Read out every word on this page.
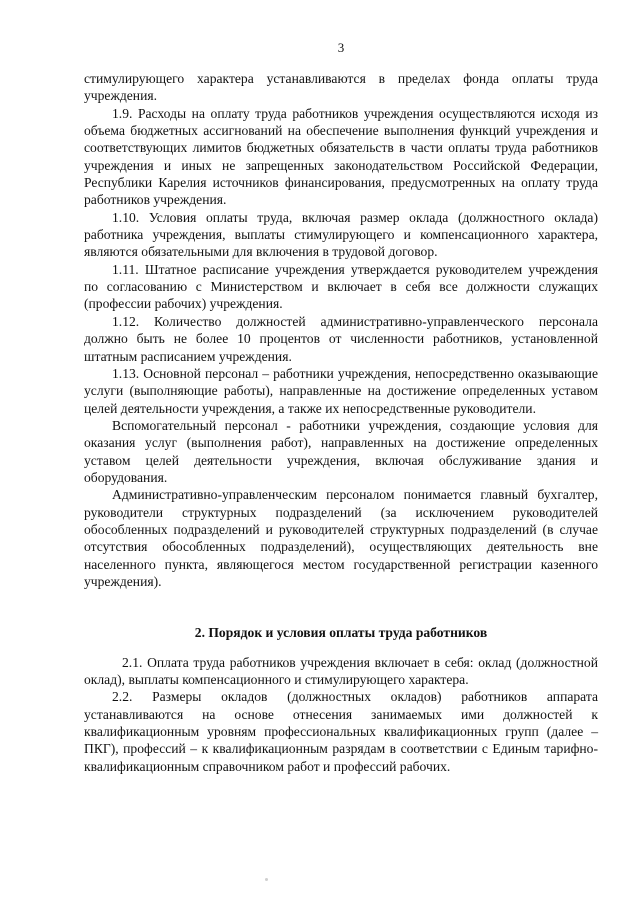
3

стимулирующего характера устанавливаются в пределах фонда оплаты труда учреждения.

1.9. Расходы на оплату труда работников учреждения осуществляются исходя из объема бюджетных ассигнований на обеспечение выполнения функций учреждения и соответствующих лимитов бюджетных обязательств в части оплаты труда работников учреждения и иных не запрещенных законодательством Российской Федерации, Республики Карелия источников финансирования, предусмотренных на оплату труда работников учреждения.

1.10. Условия оплаты труда, включая размер оклада (должностного оклада) работника учреждения, выплаты стимулирующего и компенсационного характера, являются обязательными для включения в трудовой договор.

1.11. Штатное расписание учреждения утверждается руководителем учреждения по согласованию с Министерством и включает в себя все должности служащих (профессии рабочих) учреждения.

1.12. Количество должностей административно-управленческого персонала должно быть не более 10 процентов от численности работников, установленной штатным расписанием учреждения.

1.13. Основной персонал – работники учреждения, непосредственно оказывающие услуги (выполняющие работы), направленные на достижение определенных уставом целей деятельности учреждения, а также их непосредственные руководители.

Вспомогательный персонал - работники учреждения, создающие условия для оказания услуг (выполнения работ), направленных на достижение определенных уставом целей деятельности учреждения, включая обслуживание здания и оборудования.

Административно-управленческим персоналом понимается главный бухгалтер, руководители структурных подразделений (за исключением руководителей обособленных подразделений и руководителей структурных подразделений (в случае отсутствия обособленных подразделений), осуществляющих деятельность вне населенного пункта, являющегося местом государственной регистрации казенного учреждения).

2. Порядок и условия оплаты труда работников

2.1. Оплата труда работников учреждения включает в себя: оклад (должностной оклад), выплаты компенсационного и стимулирующего характера.

2.2. Размеры окладов (должностных окладов) работников аппарата устанавливаются на основе отнесения занимаемых ими должностей к квалификационным уровням профессиональных квалификационных групп (далее – ПКГ), профессий – к квалификационным разрядам в соответствии с Единым тарифно-квалификационным справочником работ и профессий рабочих.
